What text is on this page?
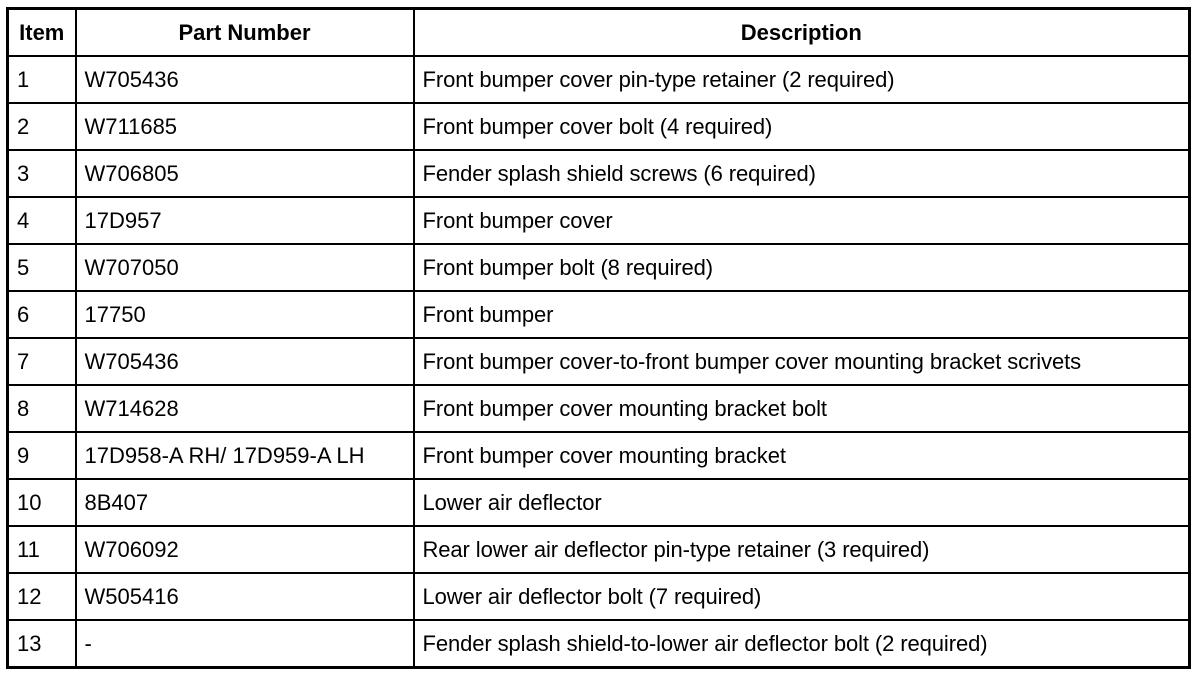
Item	Part Number	Description
1	W705436	Front bumper cover pin-type retainer (2 required)
2	W711685	Front bumper cover bolt (4 required)
3	W706805	Fender splash shield screws (6 required)
4	17D957	Front bumper cover
5	W707050	Front bumper bolt (8 required)
6	17750	Front bumper
7	W705436	Front bumper cover-to-front bumper cover mounting bracket scrivets
8	W714628	Front bumper cover mounting bracket bolt
9	17D958-A RH/ 17D959-A LH	Front bumper cover mounting bracket
10	8B407	Lower air deflector
11	W706092	Rear lower air deflector pin-type retainer (3 required)
12	W505416	Lower air deflector bolt (7 required)
13	-	Fender splash shield-to-lower air deflector bolt (2 required)
